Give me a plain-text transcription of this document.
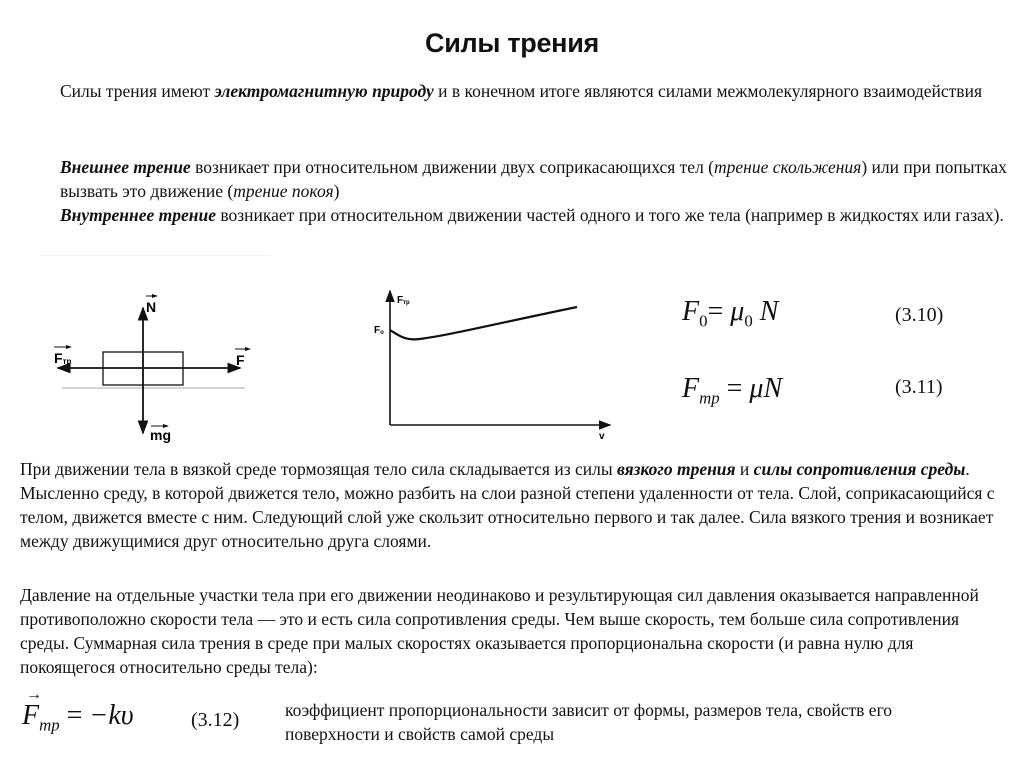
Силы трения
Силы трения имеют электромагнитную природу и в конечном итоге являются силами межмолекулярного взаимодействия
Внешнее трение возникает при относительном движении двух соприкасающихся тел (трение скольжения) или при попытках вызвать это движение (трение покоя)
Внутреннее трение возникает при относительном движении частей одного и того же тела (например в жидкостях или газах).
N
Fтр	F
mg
Fтр
Fо
v
$F_0= \mu_0$ N	(3.10)
$F_{mp} = \mu N$	(3.11)
При движении тела в вязкой среде тормозящая тело сила складывается из силы вязкого трения и силы сопротивления среды. Мысленно среду, в которой движется тело, можно разбить на слои разной степени удаленности от тела. Слой, соприкасающийся с телом, движется вместе с ним. Следующий слой уже скользит относительно первого и так далее. Сила вязкого трения и возникает между движущимися друг относительно друга слоями.
Давление на отдельные участки тела при его движении неодинаково и результирующая сил давления оказывается направленной противоположно скорости тела — это и есть сила сопротивления среды. Чем выше скорость, тем больше сила сопротивления среды. Суммарная сила трения в среде при малых скоростях оказывается пропорциональна скорости (и равна нулю для покоящегося относительно среды тела):
→
$F_{mp} = -k\upsilon$	(3.12)	коэффициент пропорциональности зависит от формы, размеров тела, свойств его поверхности и свойств самой среды
